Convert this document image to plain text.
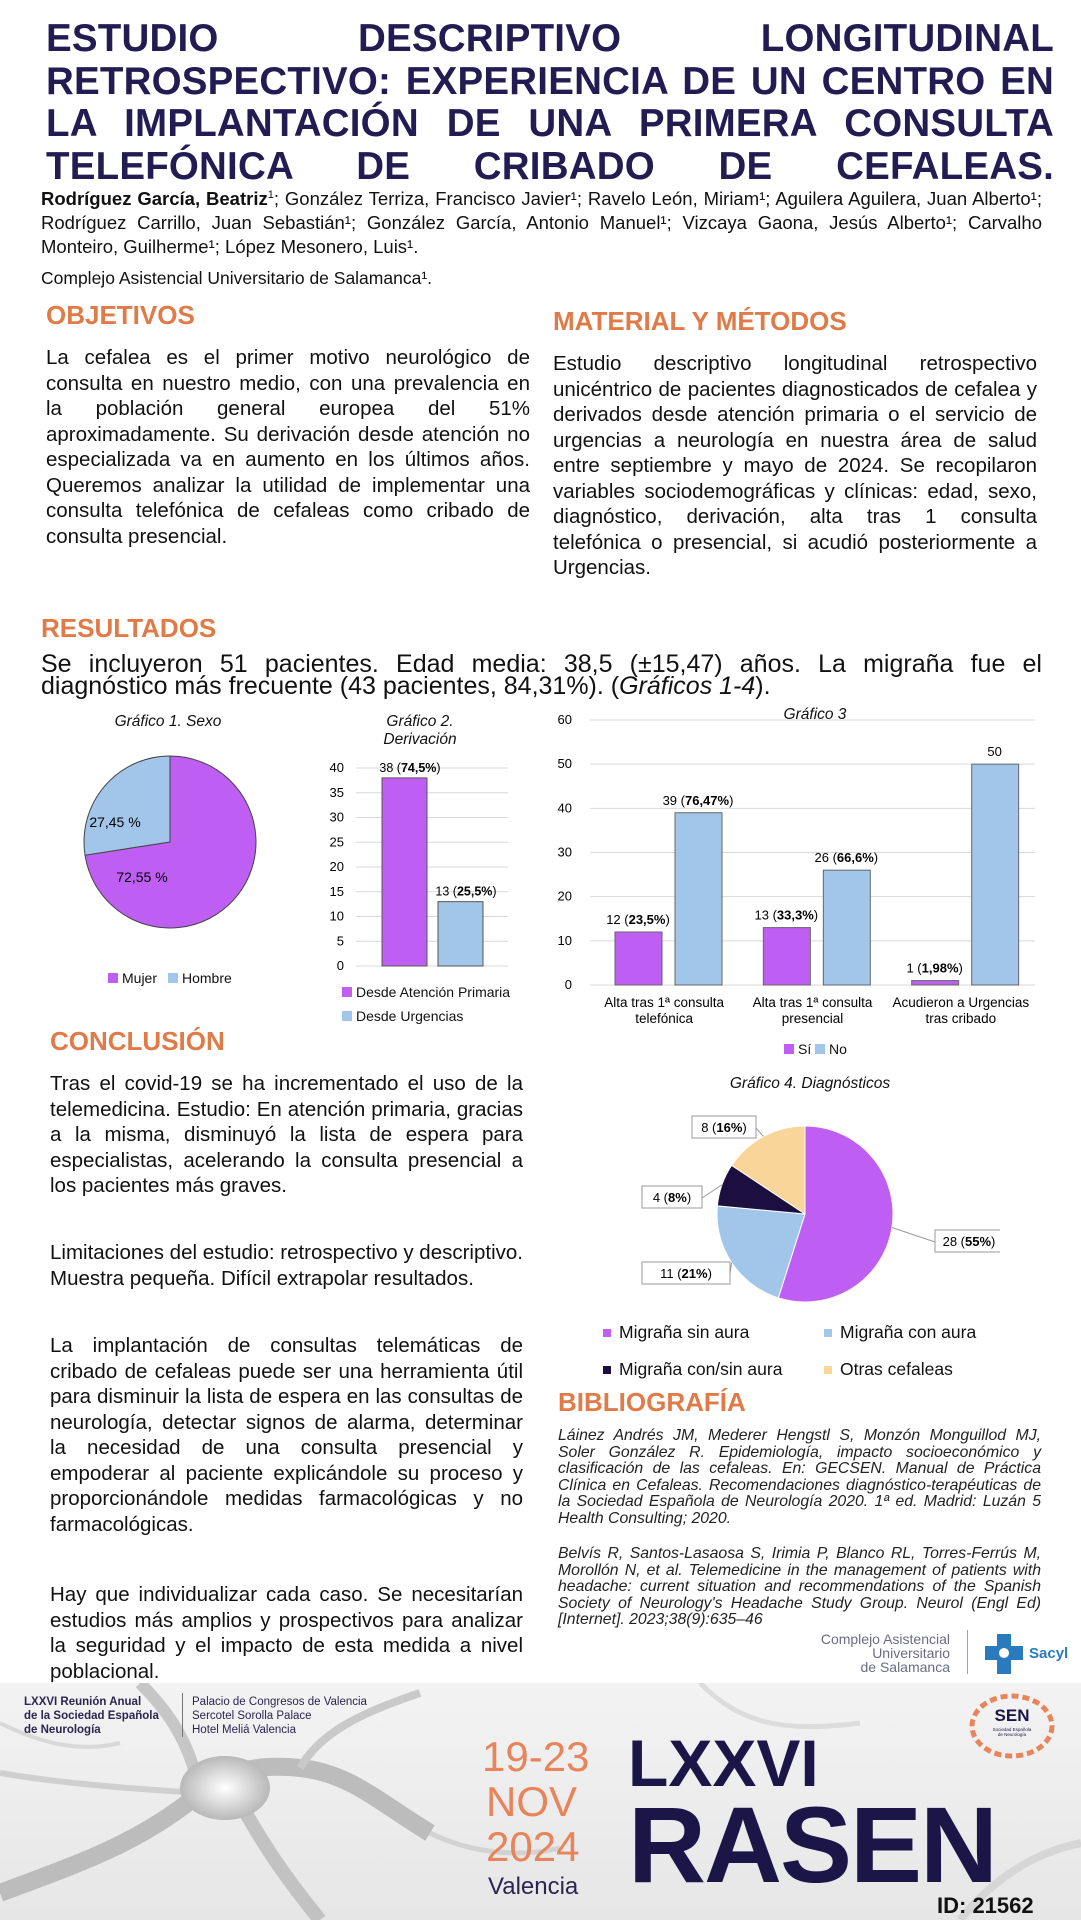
ESTUDIO DESCRIPTIVO LONGITUDINAL RETROSPECTIVO: EXPERIENCIA DE UN CENTRO EN LA IMPLANTACIÓN DE UNA PRIMERA CONSULTA TELEFÓNICA DE CRIBADO DE CEFALEAS.
Rodríguez García, Beatriz$^1$; González Terriza, Francisco Javier¹; Ravelo León, Miriam¹; Aguilera Aguilera, Juan Alberto¹; Rodríguez Carrillo, Juan Sebastián¹; González García, Antonio Manuel¹; Vizcaya Gaona, Jesús Alberto¹; Carvalho Monteiro, Guilherme¹; López Mesonero, Luis¹.
Complejo Asistencial Universitario de Salamanca¹.
OBJETIVOS
La cefalea es el primer motivo neurológico de consulta en nuestro medio, con una prevalencia en la población general europea del 51% aproximadamente. Su derivación desde atención no especializada va en aumento en los últimos años. Queremos analizar la utilidad de implementar una consulta telefónica de cefaleas como cribado de consulta presencial.
MATERIAL Y MÉTODOS
Estudio descriptivo longitudinal retrospectivo unicéntrico de pacientes diagnosticados de cefalea y derivados desde atención primaria o el servicio de urgencias a neurología en nuestra área de salud entre septiembre y mayo de 2024. Se recopilaron variables sociodemográficas y clínicas: edad, sexo, diagnóstico, derivación, alta tras 1 consulta telefónica o presencial, si acudió posteriormente a Urgencias.
RESULTADOS
Se incluyeron 51 pacientes. Edad media: 38,5 (±15,47) años. La migraña fue el diagnóstico más frecuente (43 pacientes, 84,31%). (Gráficos 1-4).
Gráfico 1. Sexo
72,55 %
27,45 %
Mujer Hombre
Gráfico 2. Derivación
0
5
10
15
20
25
30
35
40	38 (74,5%)
13 (25,5%)
Desde Atención Primaria
Desde Urgencias
Gráfico 3
0
10
20
30
40
50
60
12 (23,5%)
39 (76,47%)
Alta tras 1ª consulta
telefónica
13 (33,3%)
26 (66,6%)
Alta tras 1ª consulta
presencial
1 (1,98%)
50
Acudieron a Urgencias
tras cribado
Sí No
CONCLUSIÓN
Tras el covid-19 se ha incrementado el uso de la telemedicina. Estudio: En atención primaria, gracias a la misma, disminuyó la lista de espera para especialistas, acelerando la consulta presencial a los pacientes más graves.
Limitaciones del estudio: retrospectivo y descriptivo. Muestra pequeña. Difícil extrapolar resultados.
La implantación de consultas telemáticas de cribado de cefaleas puede ser una herramienta útil para disminuir la lista de espera en las consultas de neurología, detectar signos de alarma, determinar la necesidad de una consulta presencial y empoderar al paciente explicándole su proceso y proporcionándole medidas farmacológicas y no farmacológicas.
Hay que individualizar cada caso. Se necesitarían estudios más amplios y prospectivos para analizar la seguridad y el impacto de esta medida a nivel poblacional.
Gráfico 4. Diagnósticos
28 (55%)
11 (21%)
4 (8%)
8 (16%)
Migraña sin aura	Migraña con aura
Migraña con/sin aura	Otras cefaleas
BIBLIOGRAFÍA
Láinez Andrés JM, Mederer Hengstl S, Monzón Monguillod MJ, Soler González R. Epidemiología, impacto socioeconómico y clasificación de las cefaleas. En: GECSEN. Manual de Práctica Clínica en Cefaleas. Recomendaciones diagnóstico-terapéuticas de la Sociedad Española de Neurología 2020. 1ª ed. Madrid: Luzán 5 Health Consulting; 2020.
Belvís R, Santos-Lasaosa S, Irimia P, Blanco RL, Torres-Ferrús M, Morollón N, et al. Telemedicine in the management of patients with headache: current situation and recommendations of the Spanish Society of Neurology's Headache Study Group. Neurol (Engl Ed) [Internet]. 2023;38(9):635–46
Complejo Asistencial
Universitario
de Salamanca
Sacyl
LXXVI Reunión Anual
de la Sociedad Española
de Neurología
Palacio de Congresos de Valencia
Sercotel Sorolla Palace
Hotel Meliá Valencia
19-23
NOV
2024
Valencia
LXXVI
RASEN
ID: 21562
SEN
Sociedad Española
de Neurología
